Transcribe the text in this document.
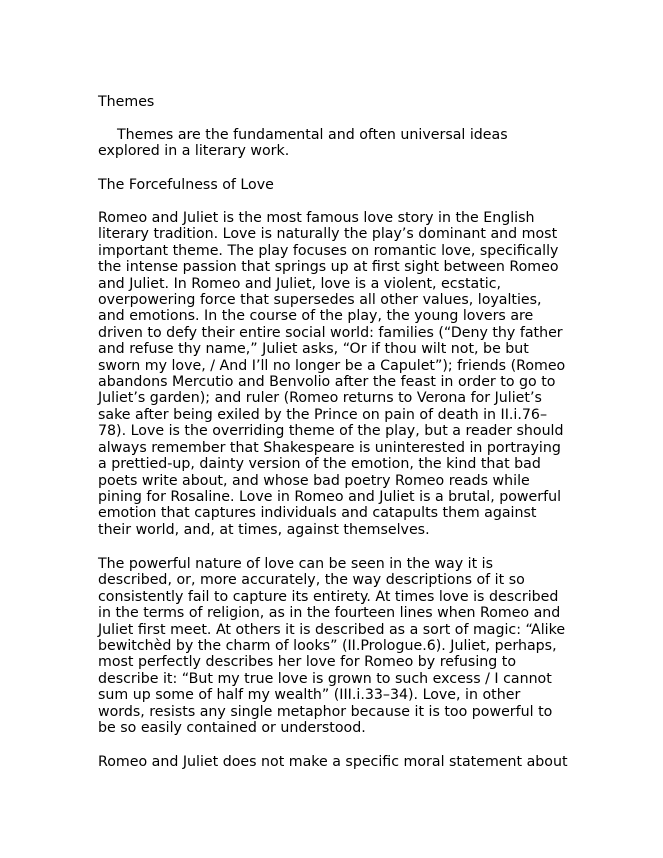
Themes

Themes are the fundamental and often universal ideas
explored in a literary work.

The Forcefulness of Love

Romeo and Juliet is the most famous love story in the English
literary tradition. Love is naturally the play’s dominant and most
important theme. The play focuses on romantic love, specifically
the intense passion that springs up at first sight between Romeo
and Juliet. In Romeo and Juliet, love is a violent, ecstatic,
overpowering force that supersedes all other values, loyalties,
and emotions. In the course of the play, the young lovers are
driven to defy their entire social world: families (“Deny thy father
and refuse thy name,” Juliet asks, “Or if thou wilt not, be but
sworn my love, / And I’ll no longer be a Capulet”); friends (Romeo
abandons Mercutio and Benvolio after the feast in order to go to
Juliet’s garden); and ruler (Romeo returns to Verona for Juliet’s
sake after being exiled by the Prince on pain of death in II.i.76–
78). Love is the overriding theme of the play, but a reader should
always remember that Shakespeare is uninterested in portraying
a prettied-up, dainty version of the emotion, the kind that bad
poets write about, and whose bad poetry Romeo reads while
pining for Rosaline. Love in Romeo and Juliet is a brutal, powerful
emotion that captures individuals and catapults them against
their world, and, at times, against themselves.

The powerful nature of love can be seen in the way it is
described, or, more accurately, the way descriptions of it so
consistently fail to capture its entirety. At times love is described
in the terms of religion, as in the fourteen lines when Romeo and
Juliet first meet. At others it is described as a sort of magic: “Alike
bewitchèd by the charm of looks” (II.Prologue.6). Juliet, perhaps,
most perfectly describes her love for Romeo by refusing to
describe it: “But my true love is grown to such excess / I cannot
sum up some of half my wealth” (III.i.33–34). Love, in other
words, resists any single metaphor because it is too powerful to
be so easily contained or understood.

Romeo and Juliet does not make a specific moral statement about
